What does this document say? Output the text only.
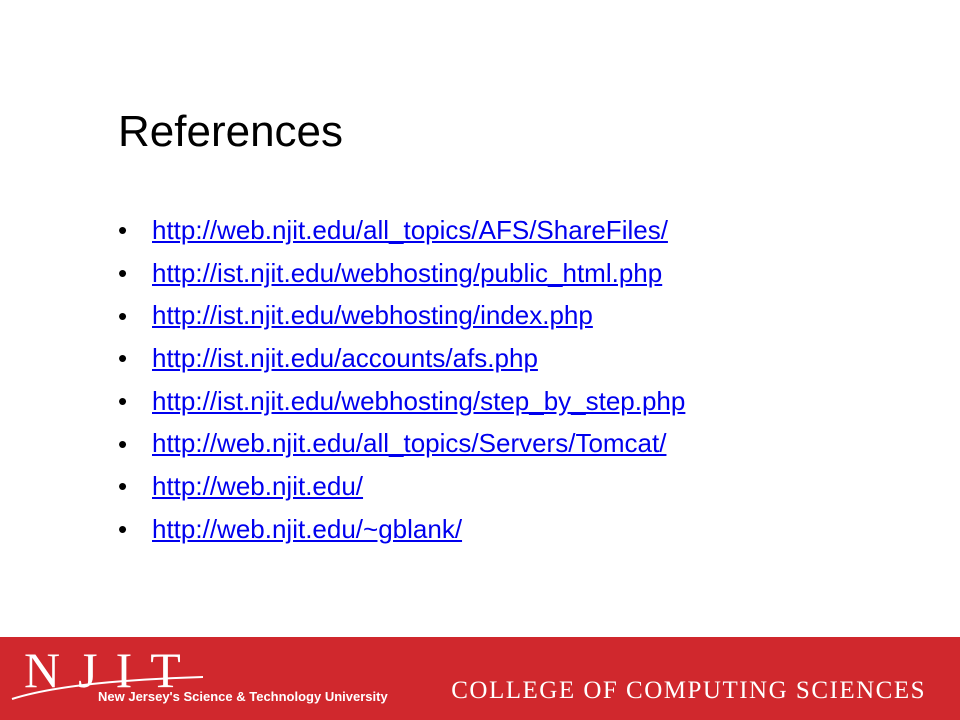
References
• http://web.njit.edu/all_topics/AFS/ShareFiles/
• http://ist.njit.edu/webhosting/public_html.php
• http://ist.njit.edu/webhosting/index.php
• http://ist.njit.edu/accounts/afs.php
• http://ist.njit.edu/webhosting/step_by_step.php
• http://web.njit.edu/all_topics/Servers/Tomcat/
• http://web.njit.edu/
• http://web.njit.edu/~gblank/
NJIT
New Jersey's Science & Technology University	COLLEGE OF COMPUTING SCIENCES
